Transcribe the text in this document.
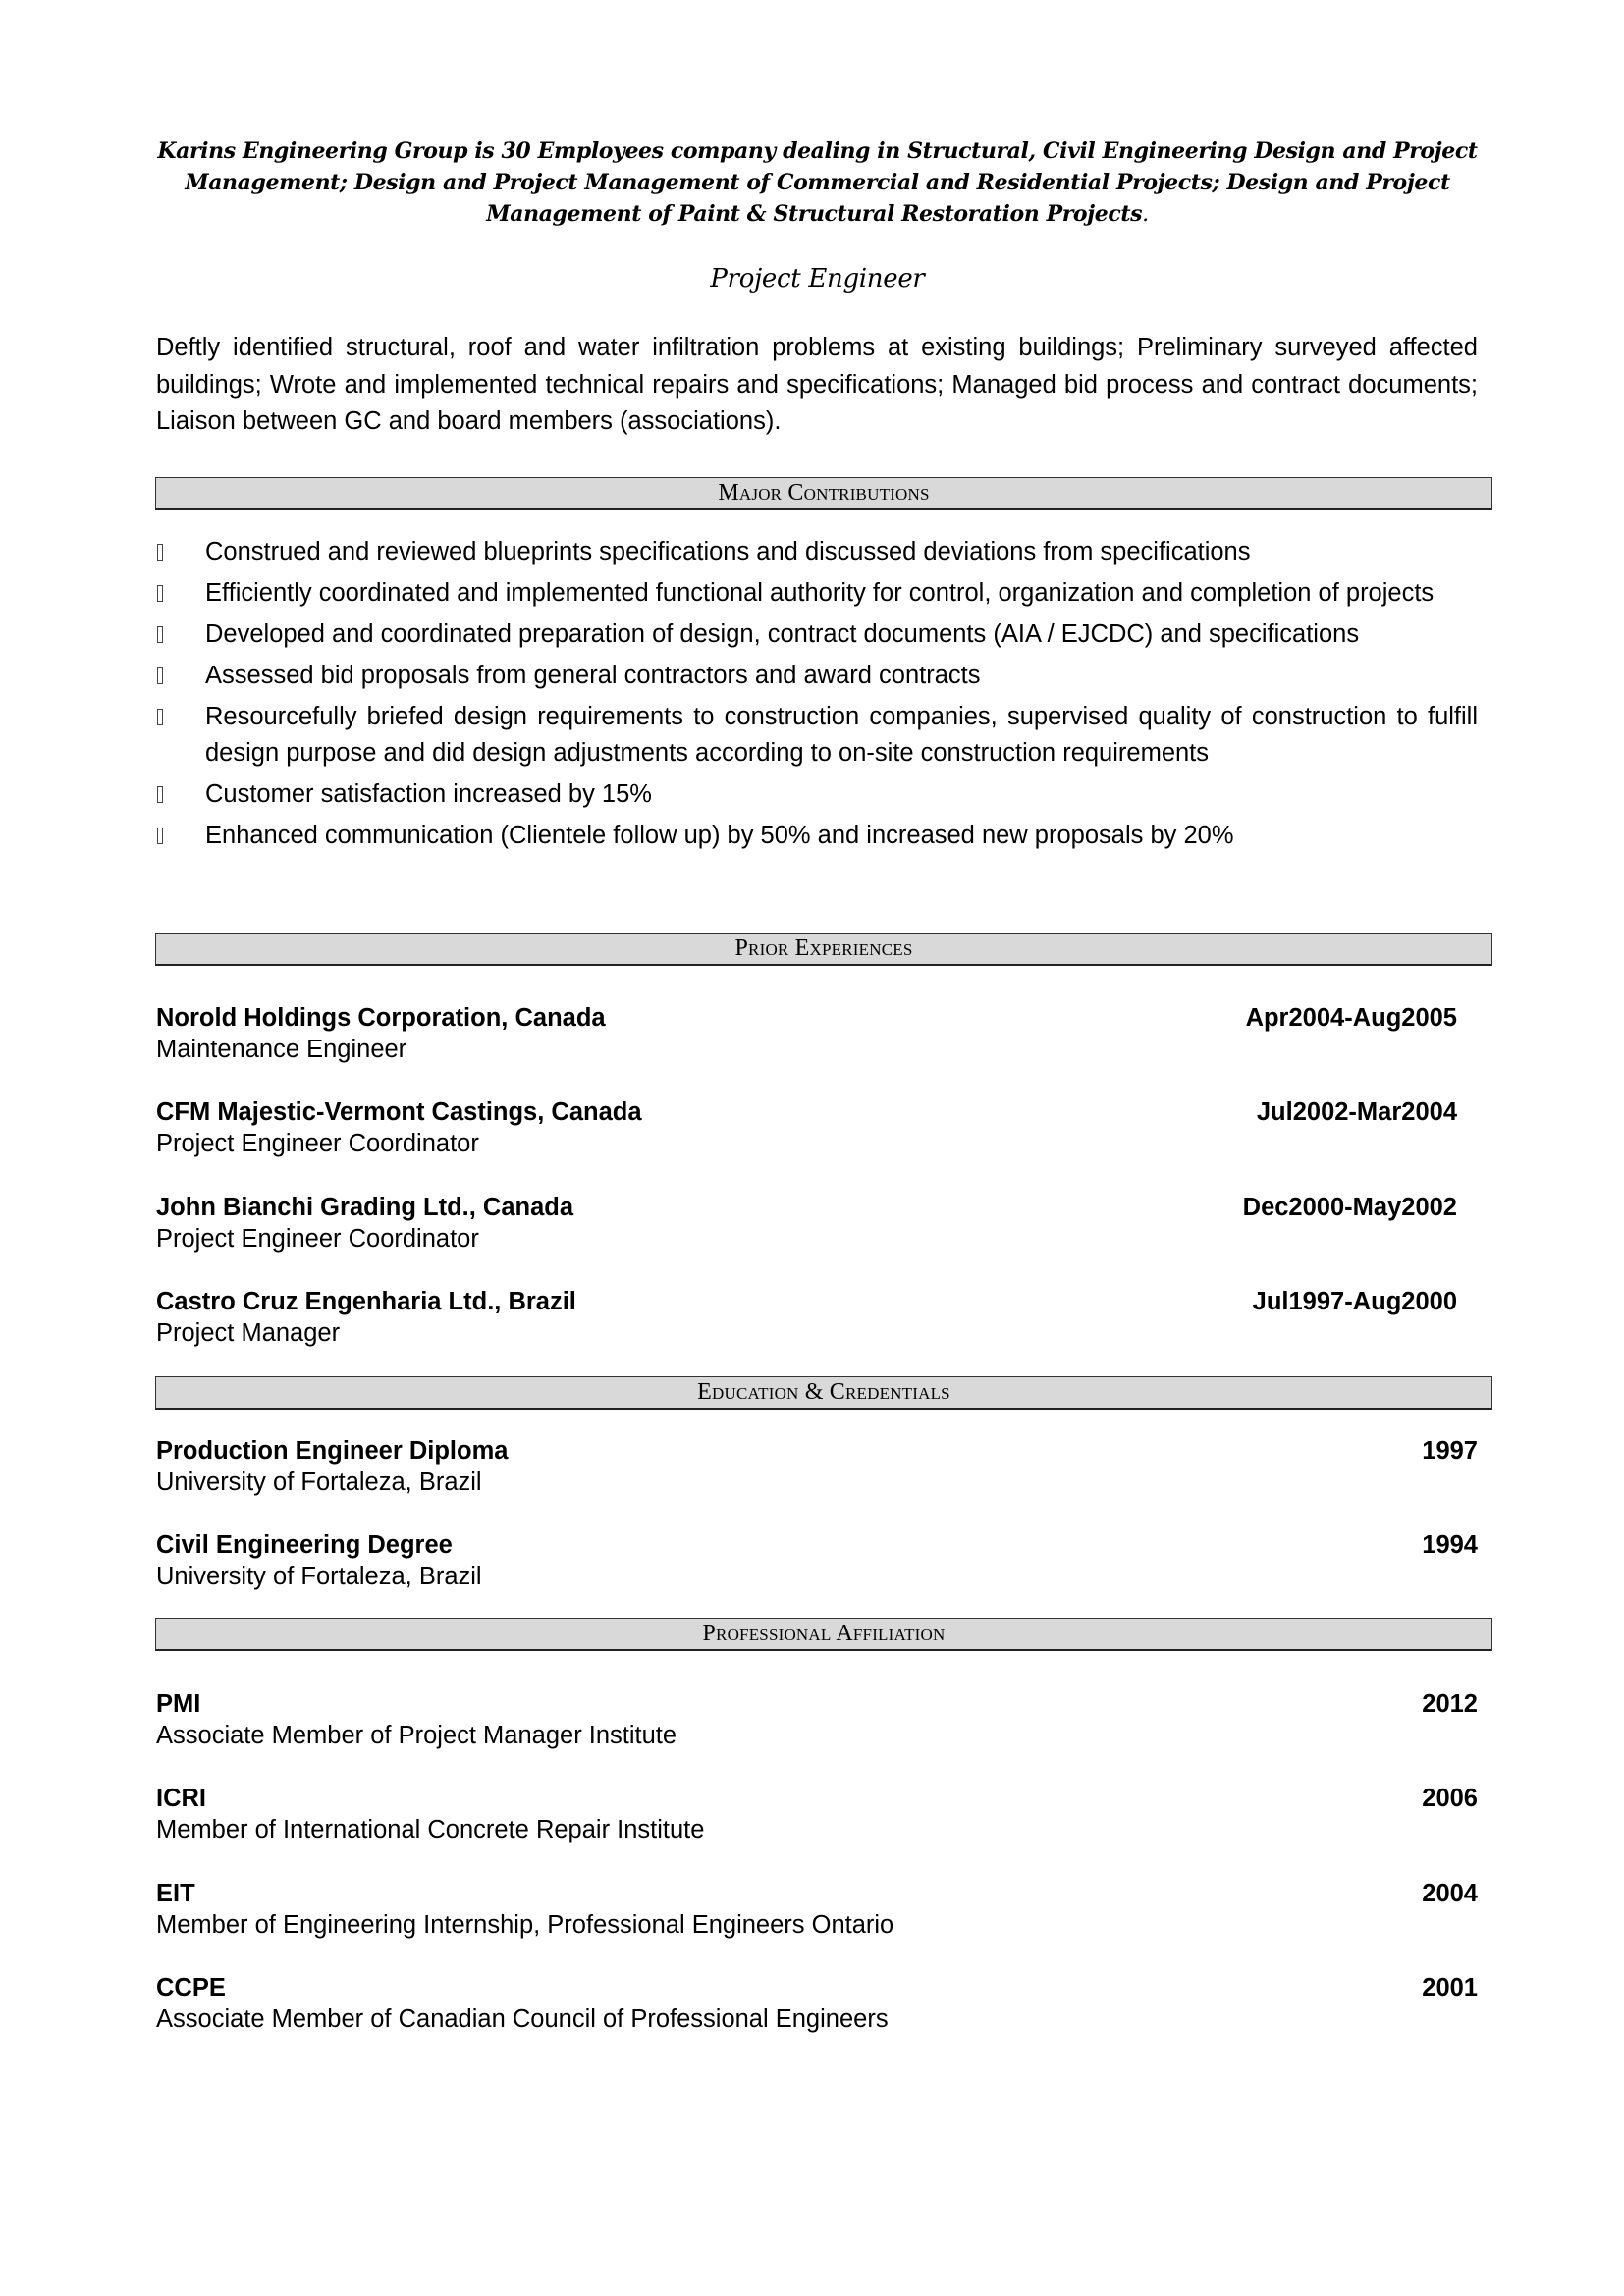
Karins Engineering Group is 30 Employees company dealing in Structural, Civil Engineering Design and Project Management; Design and Project Management of Commercial and Residential Projects; Design and Project Management of Paint & Structural Restoration Projects.
Project Engineer
Deftly identified structural, roof and water infiltration problems at existing buildings; Preliminary surveyed affected buildings; Wrote and implemented technical repairs and specifications; Managed bid process and contract documents; Liaison between GC and board members (associations).
Major Contributions
Construed and reviewed blueprints specifications and discussed deviations from specifications
Efficiently coordinated and implemented functional authority for control, organization and completion of projects
Developed and coordinated preparation of design, contract documents (AIA / EJCDC) and specifications
Assessed bid proposals from general contractors and award contracts
Resourcefully briefed design requirements to construction companies, supervised quality of construction to fulfill design purpose and did design adjustments according to on-site construction requirements
Customer satisfaction increased by 15%
Enhanced communication (Clientele follow up) by 50% and increased new proposals by 20%
Prior Experiences
Norold Holdings Corporation, Canada	Apr2004-Aug2005
Maintenance Engineer
CFM Majestic-Vermont Castings, Canada	Jul2002-Mar2004
Project Engineer Coordinator
John Bianchi Grading Ltd., Canada	Dec2000-May2002
Project Engineer Coordinator
Castro Cruz Engenharia Ltd., Brazil	Jul1997-Aug2000
Project Manager
Education & Credentials
Production Engineer Diploma	1997
University of Fortaleza, Brazil
Civil Engineering Degree	1994
University of Fortaleza, Brazil
Professional Affiliation
PMI	2012
Associate Member of Project Manager Institute
ICRI	2006
Member of International Concrete Repair Institute
EIT	2004
Member of Engineering Internship, Professional Engineers Ontario
CCPE	2001
Associate Member of Canadian Council of Professional Engineers
